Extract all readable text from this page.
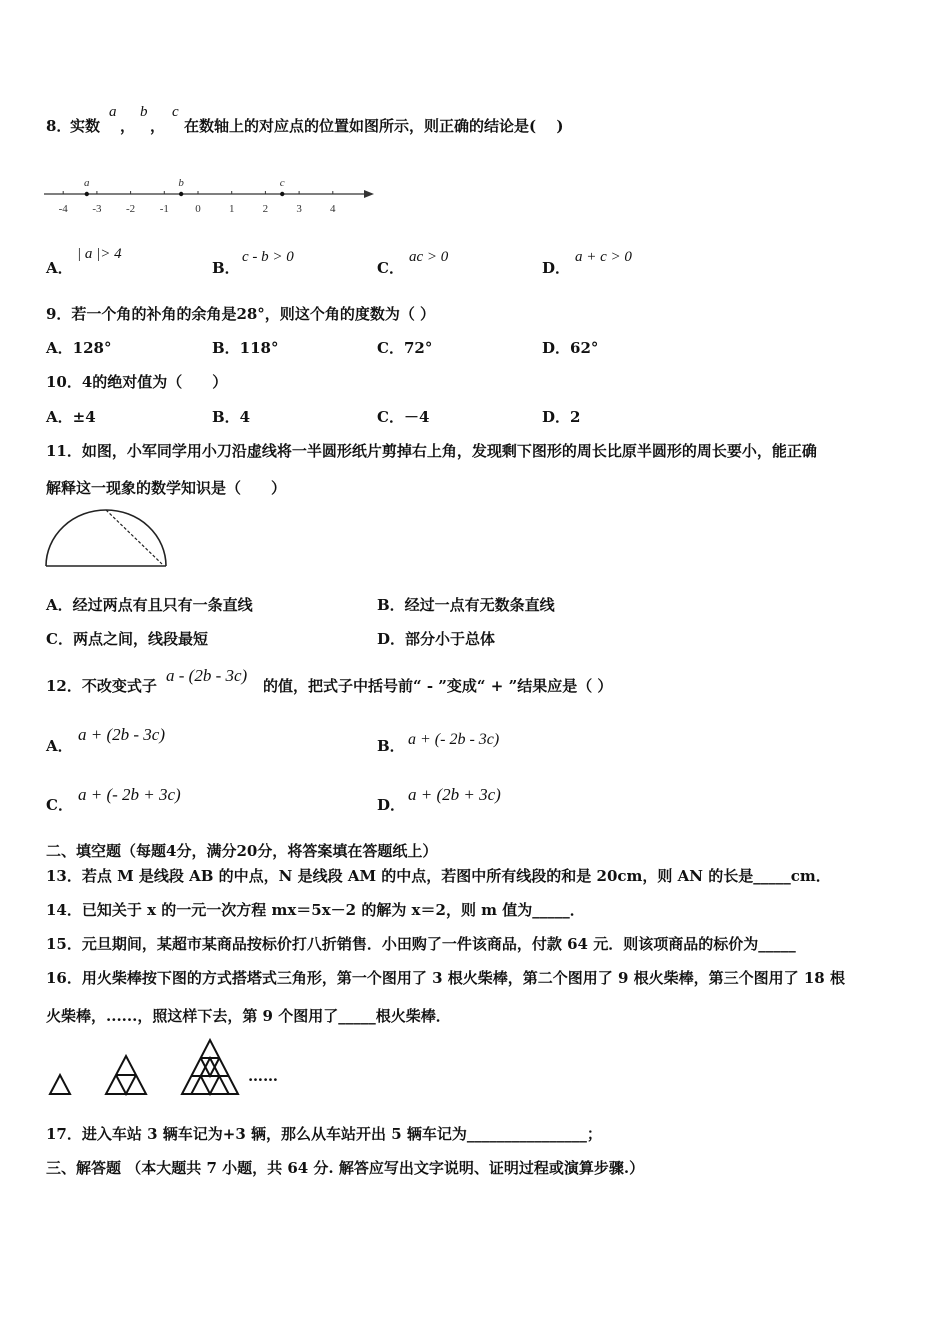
8．
实数
a
，
b
，
c
在数轴上的对应点的位置如图所示，则正确的结论是(　 )
-4 -3 -2 -1 0	1	2	3	4
a	b	c
A．
| a |> 4
B．
c - b > 0
C．
ac > 0
D．
a + c > 0
9．若一个角的补角的余角是28°，则这个角的度数为（ ）
A．128°	B．118°	C．72°	D．62°
10．4的绝对值为（　　）
A．±4	B．4	C．－4	D．2
11．如图，小军同学用小刀沿虚线将一半圆形纸片剪掉右上角，发现剩下图形的周长比原半圆形的周长要小，能正确
解释这一现象的数学知识是（　　）
A．经过两点有且只有一条直线	B．经过一点有无数条直线
C．两点之间，线段最短	D．部分小于总体
12．不改变式子
a - (2b - 3c)
的值，把式子中括号前“ - ”变成“ + ”结果应是（ ）
A．
a + (2b - 3c)
B． a + (- 2b - 3c)
C．
a + (- 2b + 3c)
D．
a + (2b + 3c)
二、填空题（每题4分，满分20分，将答案填在答题纸上）
13．若点 M 是线段 AB 的中点，N 是线段 AM 的中点，若图中所有线段的和是 20cm，则 AN 的长是_____cm．
14．已知关于 x 的一元一次方程 mx＝5x－2 的解为 x＝2，则 m 值为_____．
15．元旦期间，某超市某商品按标价打八折销售．小田购了一件该商品，付款 64 元．则该项商品的标价为_____
16．用火柴棒按下图的方式搭塔式三角形，第一个图用了 3 根火柴棒，第二个图用了 9 根火柴棒，第三个图用了 18 根
火柴棒，......，照这样下去，第 9 个图用了_____根火柴棒．
……
17．进入车站 3 辆车记为+3 辆，那么从车站开出 5 辆车记为________________；
三、解答题 （本大题共 7 小题，共 64 分. 解答应写出文字说明、证明过程或演算步骤.）
